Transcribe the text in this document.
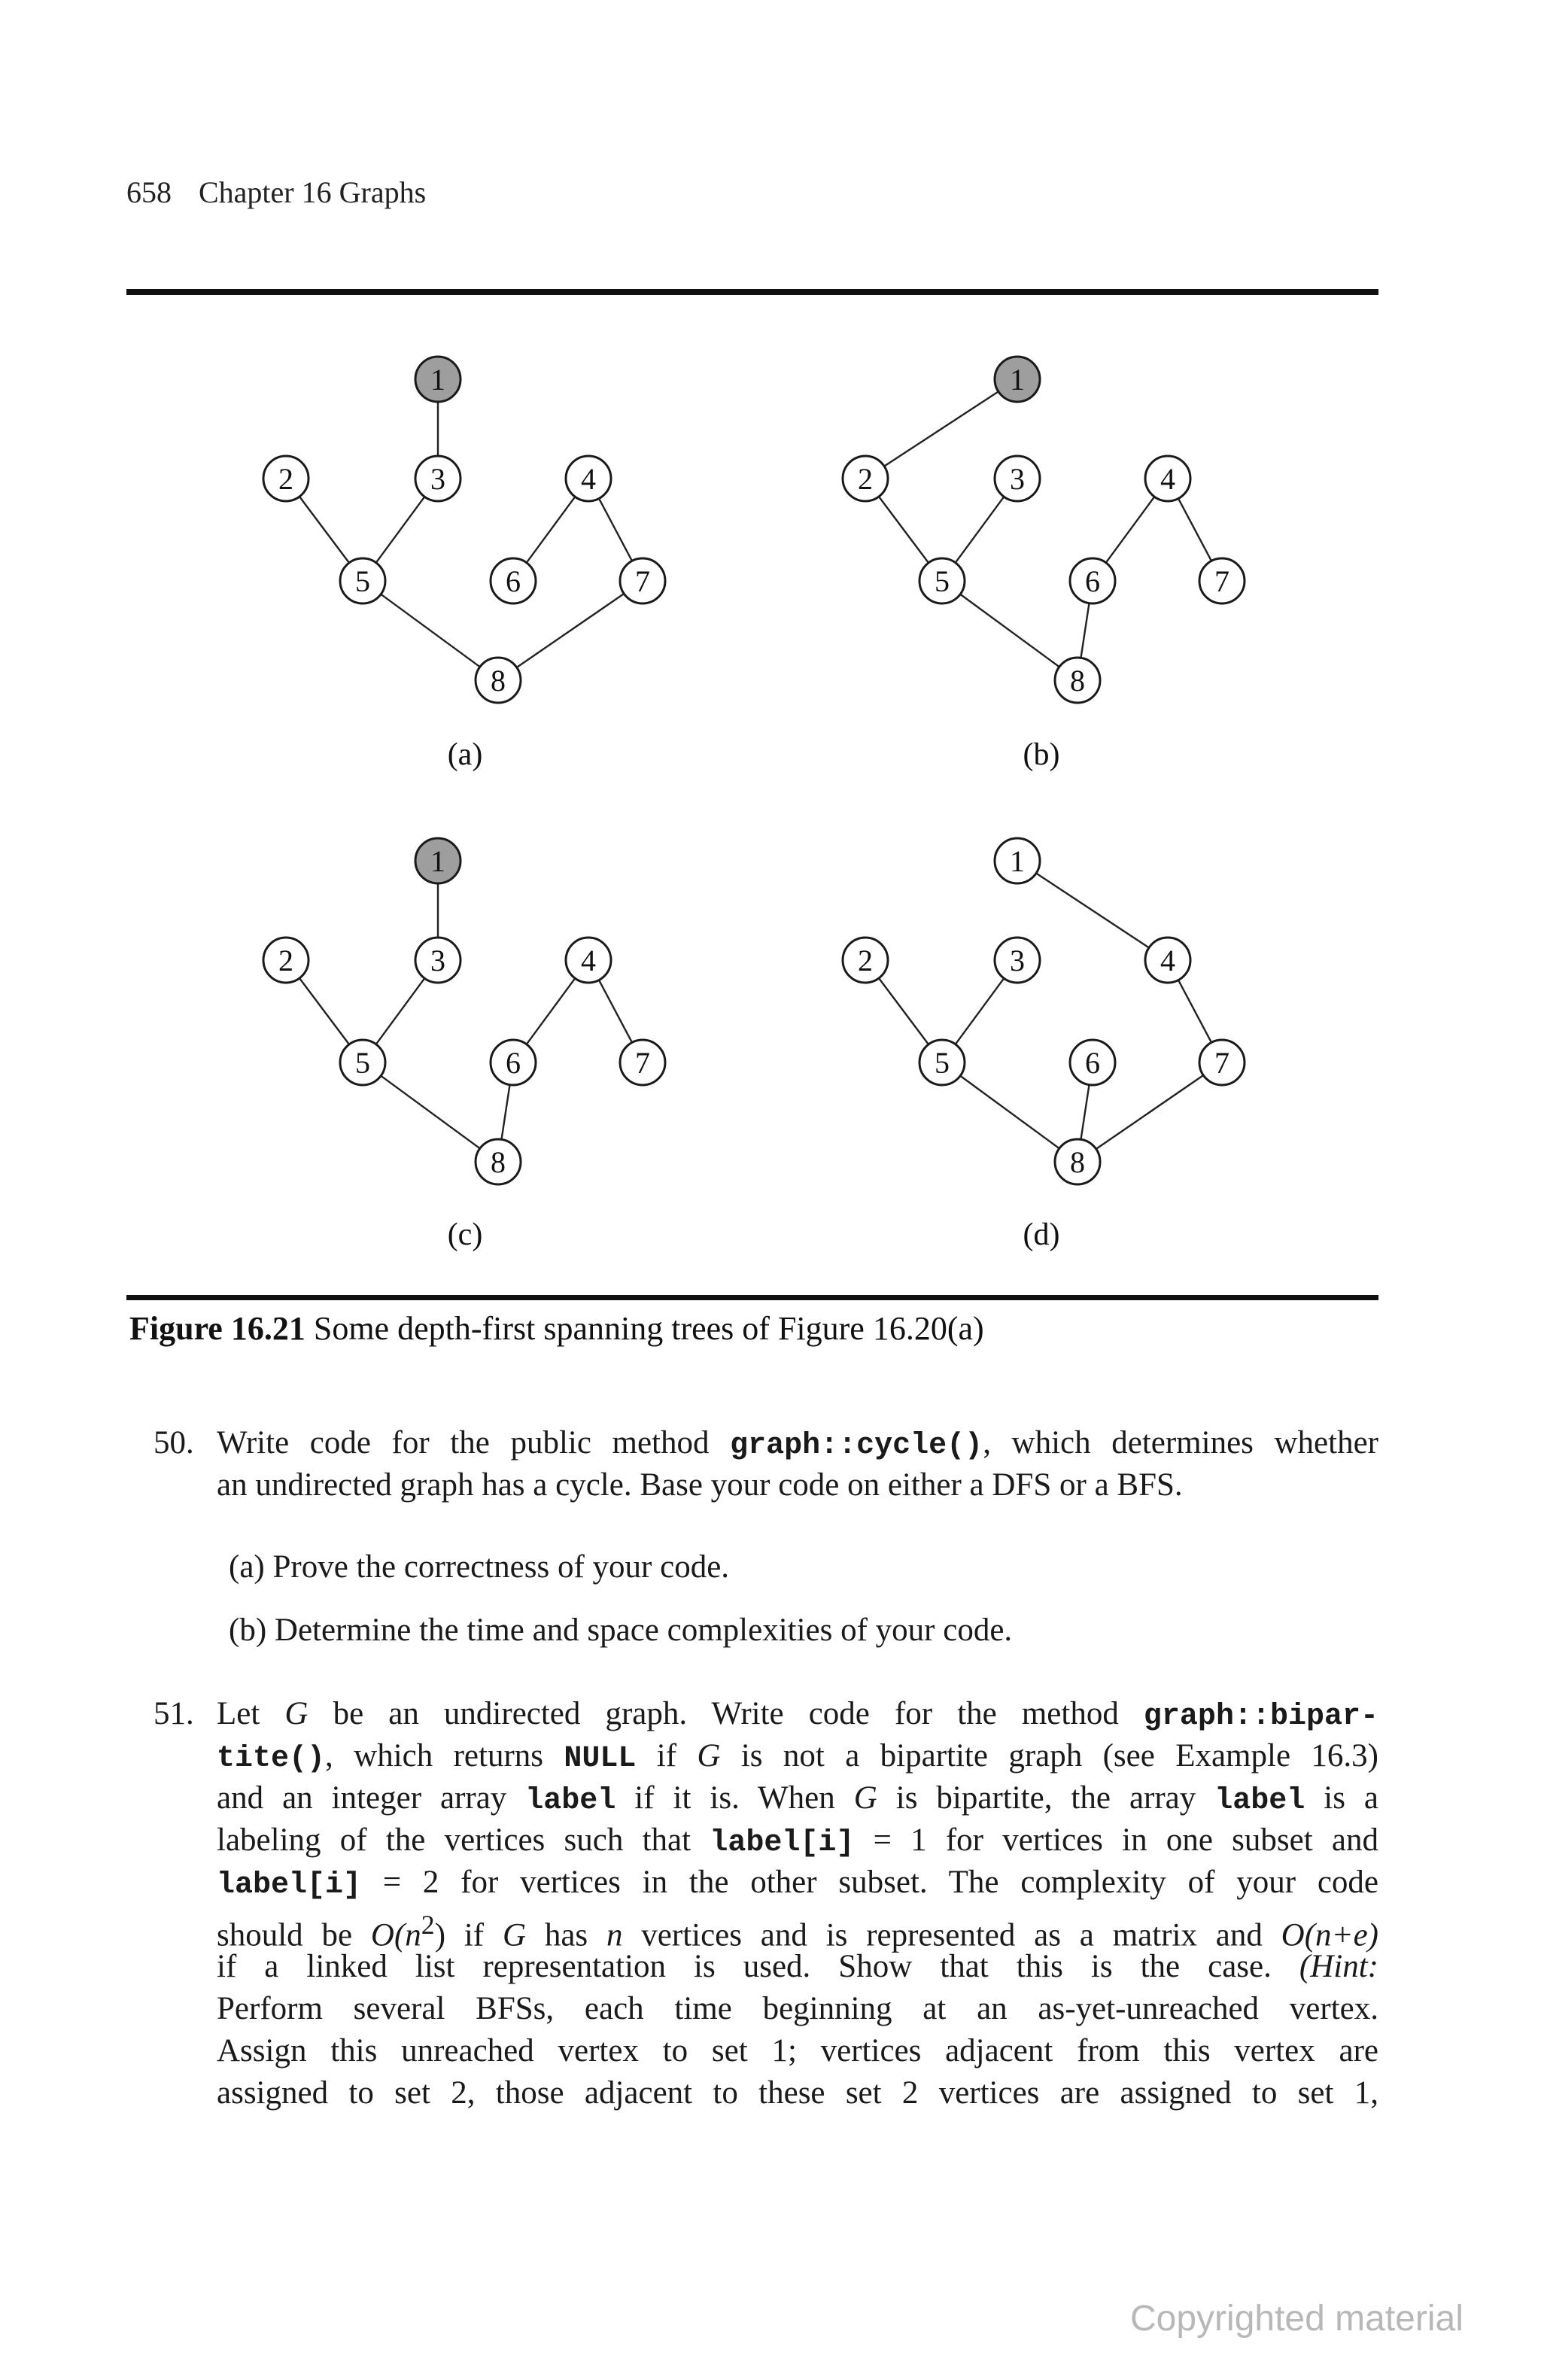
658 Chapter 16 Graphs
1
2	3	4
5	6	7
8
(a)
1
2	3	4
5	6	7
8
(b)
1
2	3	4
5	6	7
8
(c)
1
2	3	4
5	6	7
8
(d)
Figure 16.21 Some depth-first spanning trees of Figure 16.20(a)
50. Write code for the public method graph::cycle(), which determines whether
an undirected graph has a cycle. Base your code on either a DFS or a BFS.
(a) Prove the correctness of your code.
(b) Determine the time and space complexities of your code.
51. Let G be an undirected graph. Write code for the method graph::bipar-
tite(), which returns NULL if G is not a bipartite graph (see Example 16.3)
and an integer array label if it is. When G is bipartite, the array label is a
labeling of the vertices such that label[i] = 1 for vertices in one subset and
label[i] = 2 for vertices in the other subset. The complexity of your code
should be $O(n^2)$ if G has n vertices and is represented as a matrix and O(n+e)
if a linked list representation is used. Show that this is the case. (Hint:
Perform several BFSs, each time beginning at an as-yet-unreached vertex.
Assign this unreached vertex to set 1; vertices adjacent from this vertex are
assigned to set 2, those adjacent to these set 2 vertices are assigned to set 1,
Copyrighted material
